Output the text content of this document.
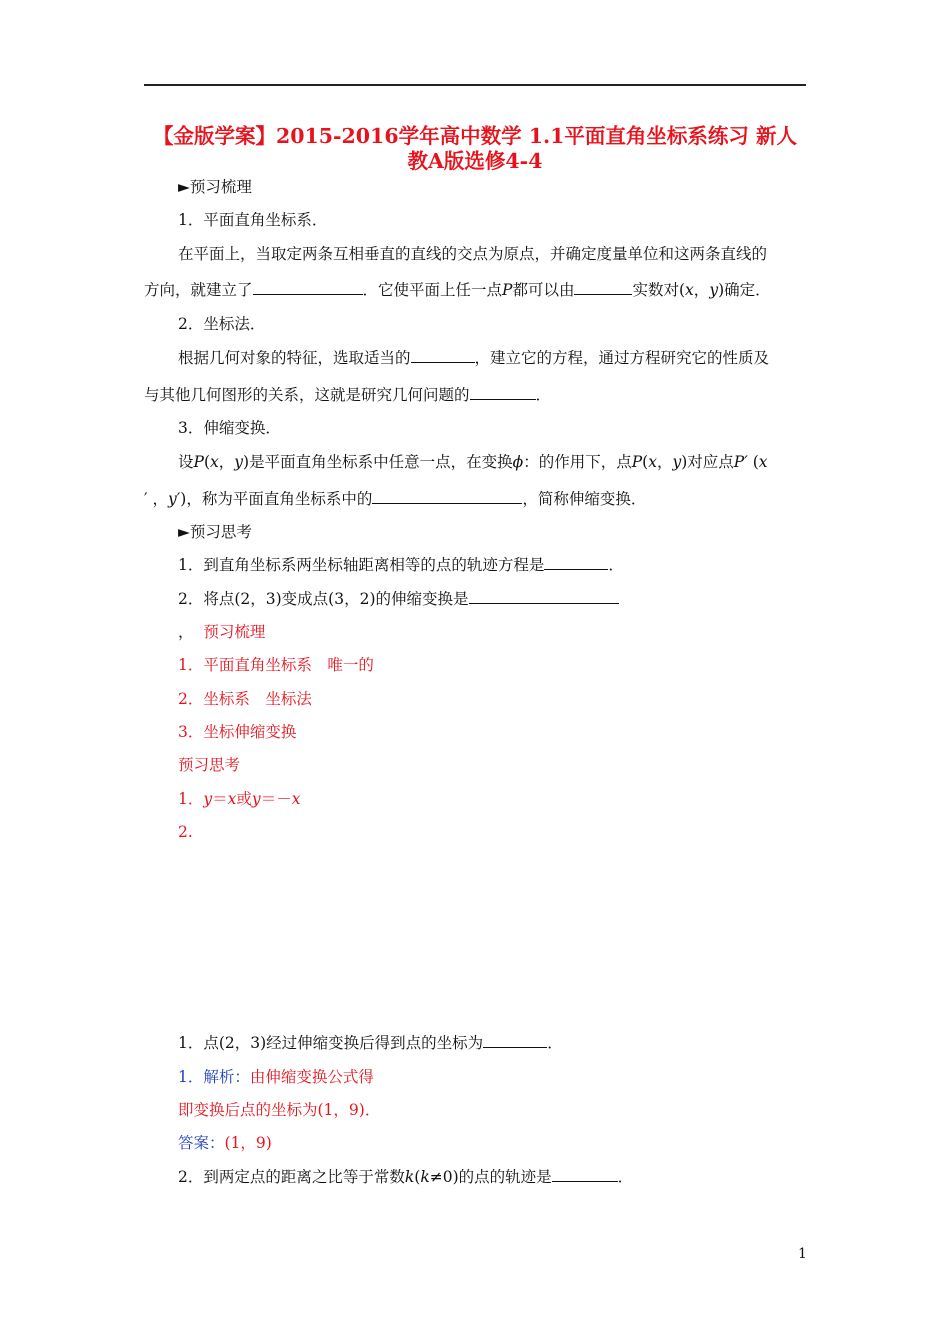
【金版学案】2015-2016学年高中数学 1.1平面直角坐标系练习 新人
教A版选修4-4
►预习梳理
1．平面直角坐标系．
在平面上，当取定两条互相垂直的直线的交点为原点，并确定度量单位和这两条直线的
方向，就建立了	．它使平面上任一点P都可以由	实数对(x，y)确定．
2．坐标法．
根据几何对象的特征，选取适当的	，建立它的方程，通过方程研究它的性质及
与其他几何图形的关系，这就是研究几何问题的	．
3．伸缩变换．
设P(x，y)是平面直角坐标系中任意一点，在变换ϕ：的作用下，点P(x，y)对应点P′ (x
′ ，y′)，称为平面直角坐标系中的	，简称伸缩变换．
►预习思考
1．到直角坐标系两坐标轴距离相等的点的轨迹方程是	．
2．将点(2，3)变成点(3，2)的伸缩变换是
， 预习梳理
1．平面直角坐标系　唯一的
2．坐标系　坐标法
3．坐标伸缩变换
预习思考
1．y＝x或y＝－x
2.
1．点(2，3)经过伸缩变换后得到点的坐标为	．
1．解析：由伸缩变换公式得
即变换后点的坐标为(1，9)．
答案：(1，9)
2．到两定点的距离之比等于常数k(k≠0)的点的轨迹是	．
1
